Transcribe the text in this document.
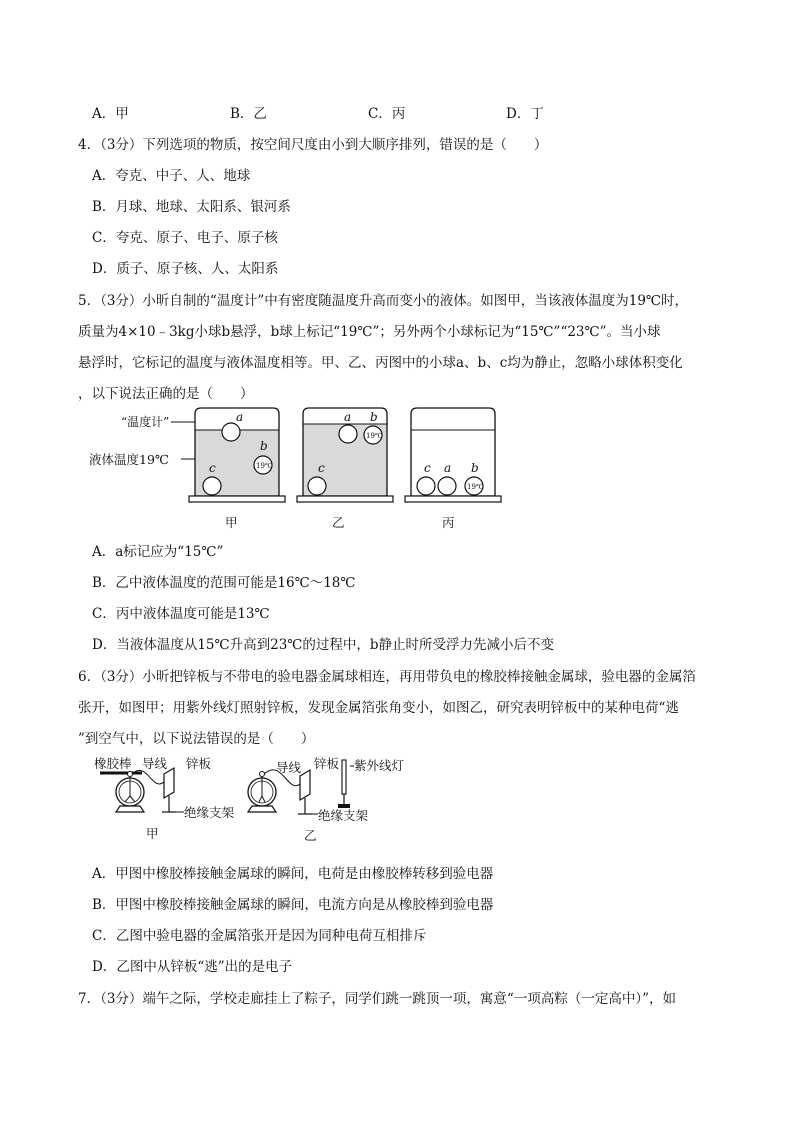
A．甲	B．乙	C．丙	D．丁
4．（3分）下列选项的物质，按空间尺度由小到大顺序排列，错误的是（　　）
A．夸克、中子、人、地球
B．月球、地球、太阳系、银河系
C．夸克、原子、电子、原子核
D．质子、原子核、人、太阳系
5．（3分）小昕自制的“温度计”中有密度随温度升高而变小的液体。如图甲，当该液体温度为19℃时，
质量为4×10﹣3kg小球b悬浮，b球上标记“19℃”；另外两个小球标记为“15℃”“23℃”。当小球
悬浮时，它标记的温度与液体温度相等。甲、乙、丙图中的小球a、b、c均为静止，忽略小球体积变化
，以下说法正确的是（　　）
“温度计”
液体温度19℃
a
b
c	19℃
甲
a b
c
19℃
乙
c a b
19℃
丙
A．a标记应为“15℃”
B．乙中液体温度的范围可能是16℃～18℃
C．丙中液体温度可能是13℃
D．当液体温度从15℃升高到23℃的过程中，b静止时所受浮力先减小后不变
6．（3分）小昕把锌板与不带电的验电器金属球相连，再用带负电的橡胶棒接触金属球，验电器的金属箔
张开，如图甲；用紫外线灯照射锌板，发现金属箔张角变小，如图乙，研究表明锌板中的某种电荷“逃
”到空气中，以下说法错误的是（　　）
橡胶棒 导线 锌板
绝缘支架
甲
导线 锌板 紫外线灯
绝缘支架
乙
A．甲图中橡胶棒接触金属球的瞬间，电荷是由橡胶棒转移到验电器
B．甲图中橡胶棒接触金属球的瞬间，电流方向是从橡胶棒到验电器
C．乙图中验电器的金属箔张开是因为同种电荷互相排斥
D．乙图中从锌板“逃”出的是电子
7．（3分）端午之际，学校走廊挂上了粽子，同学们跳一跳顶一项，寓意“一项高粽（一定高中）”，如
